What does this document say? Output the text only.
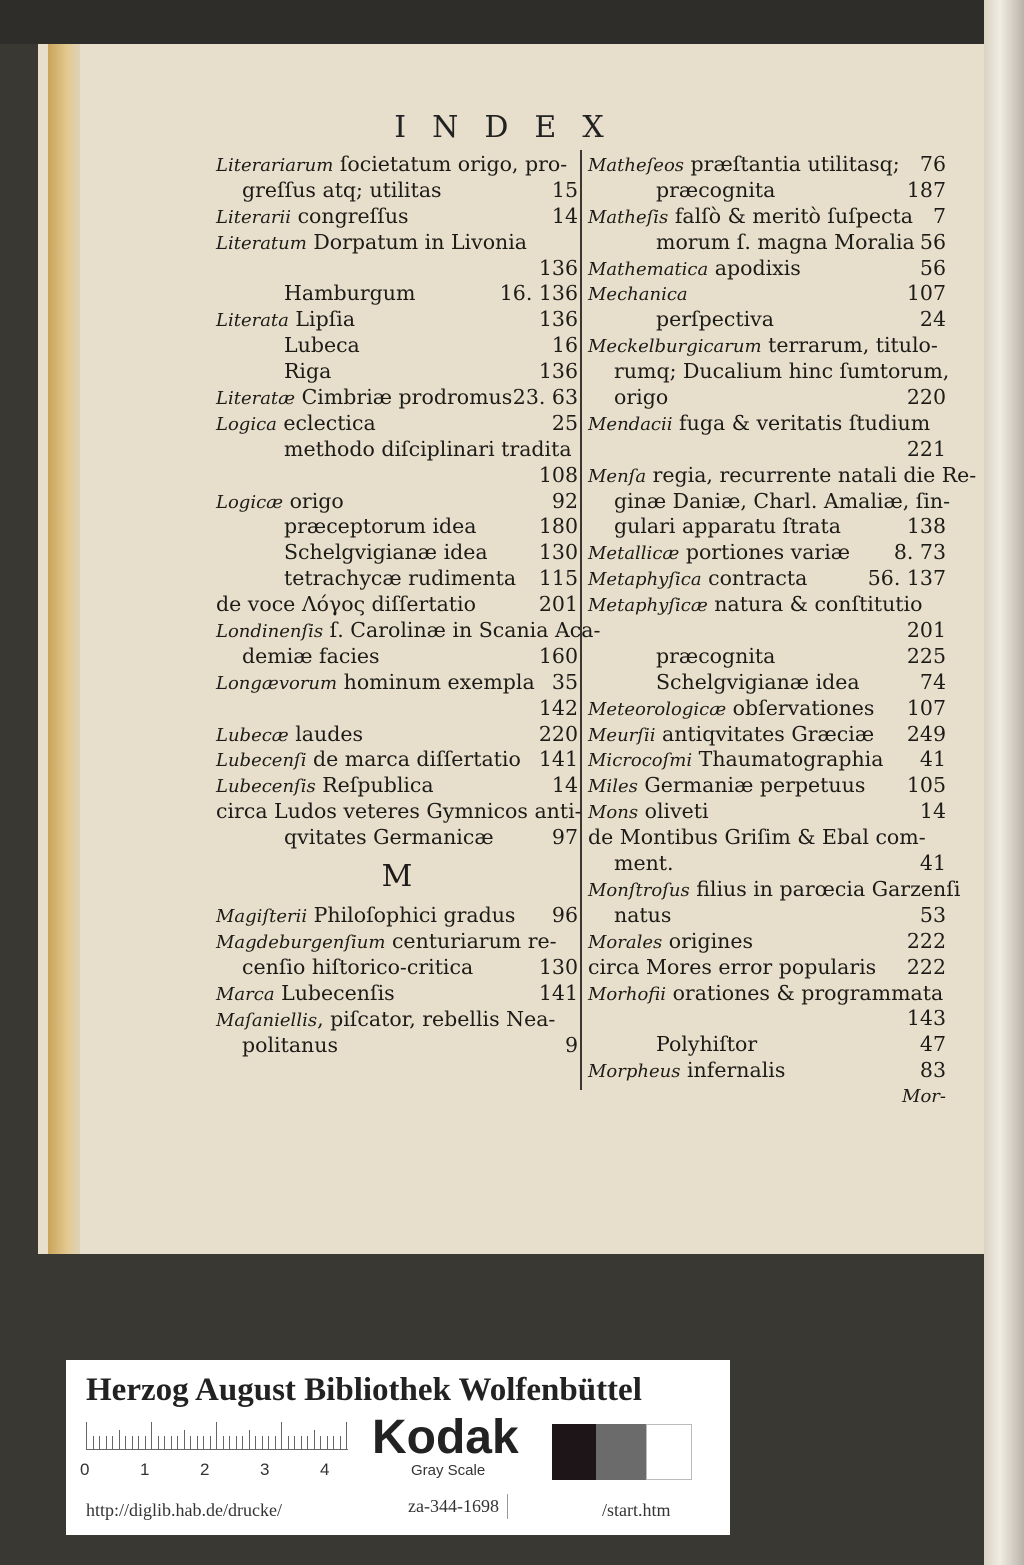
INDEX
Literariarum ſocietatum origo, pro-
greſſus atq; utilitas	15
Literarii congreſſus	14
Literatum Dorpatum in Livonia
136
Hamburgum	16. 136
Literata Lipſia	136
Lubeca	16
Riga	136
Literatæ Cimbriæ prodromus 23. 63
Logica eclectica	25
methodo diſciplinari tradita
108
Logicæ origo	92
præceptorum idea	180
Schelgvigianæ idea	130
tetrachycæ rudimenta 115
de voce Λόγος diſſertatio	201
Londinenſis ſ. Carolinæ in Scania Aca-
demiæ facies	160
Longævorum hominum exempla 35
142
Lubecæ laudes	220
Lubecenſi de marca diſſertatio 141
Lubecenſis Reſpublica	14
circa Ludos veteres Gymnicos anti-
qvitates Germanicæ	97
M
Magiſterii Philoſophici gradus 96
Magdeburgenſium centuriarum re-
cenſio hiſtorico-critica	130
Marca Lubecenſis	141
Maſaniellis, piſcator, rebellis Nea-
politanus	9
Matheſeos præſtantia utilitasq; 76
præcognita	187
Matheſis falſò & meritò ſuſpecta 7
morum ſ. magna Moralia 56
Mathematica apodixis	56
Mechanica	107
perſpectiva	24
Meckelburgicarum terrarum, titulo-
rumq; Ducalium hinc ſumtorum,
origo	220
Mendacii fuga & veritatis ſtudium
221
Menſa regia, recurrente natali die Re-
ginæ Daniæ, Charl. Amaliæ, ſin-
gulari apparatu ſtrata	138
Metallicæ portiones variæ 8. 73
Metaphyſica contracta	56. 137
Metaphyſicæ natura & conſtitutio
201
præcognita	225
Schelgvigianæ idea	74
Meteorologicæ obſervationes 107
Meurſii antiqvitates Græciæ 249
Microcoſmi Thaumatographia 41
Miles Germaniæ perpetuus 105
Mons oliveti	14
de Montibus Griſim & Ebal com-
ment.	41
Monſtroſus filius in parœcia Garzenſi
natus	53
Morales origines	222
circa Mores error popularis 222
Morhofii orationes & programmata
143
Polyhiſtor	47
Morpheus infernalis	83
Mor-
Herzog August Bibliothek Wolfenbüttel
0	1	2	3	4
Kodak
Gray Scale
http://diglib.hab.de/drucke/	za-344-1698	/start.htm
